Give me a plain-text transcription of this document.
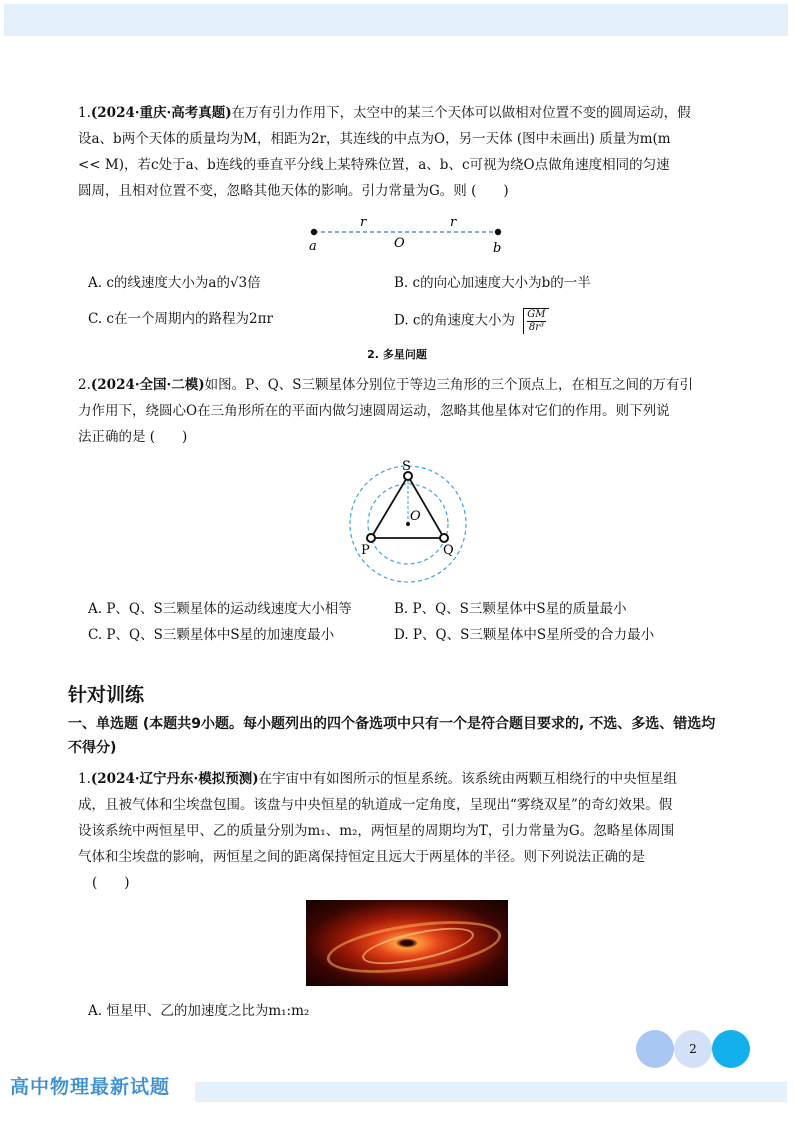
1.(2024·重庆·高考真题)在万有引力作用下，太空中的某三个天体可以做相对位置不变的圆周运动，假
设a、b两个天体的质量均为M，相距为2r，其连线的中点为O，另一天体 (图中未画出) 质量为m(m
<< M)，若c处于a、b连线的垂直平分线上某特殊位置，a、b、c可视为绕O点做角速度相同的匀速
圆周，且相对位置不变，忽略其他天体的影响。引力常量为G。则 (　　)
r	r
a	O	b
A. c的线速度大小为a的√3倍	B. c的向心加速度大小为b的一半
C. c在一个周期内的路程为2πr	D. c的角速度大小为 $\frac{GM}{\text{8r³}}$
2. 多星问题
2.(2024·全国·二模)如图。P、Q、S三颗星体分别位于等边三角形的三个顶点上，在相互之间的万有引
力作用下，绕圆心O在三角形所在的平面内做匀速圆周运动，忽略其他星体对它们的作用。则下列说
法正确的是 (　　)
S
O
P	Q
A. P、Q、S三颗星体的运动线速度大小相等	B. P、Q、S三颗星体中S星的质量最小
C. P、Q、S三颗星体中S星的加速度最小	D. P、Q、S三颗星体中S星所受的合力最小
针对训练
一、单选题 (本题共9小题。每小题列出的四个备选项中只有一个是符合题目要求的, 不选、多选、错选均不得分)
1.(2024·辽宁丹东·模拟预测)在宇宙中有如图所示的恒星系统。该系统由两颗互相绕行的中央恒星组
成，且被气体和尘埃盘包围。该盘与中央恒星的轨道成一定角度，呈现出“雾绕双星”的奇幻效果。假
设该系统中两恒星甲、乙的质量分别为m₁、m₂，两恒星的周期均为T，引力常量为G。忽略星体周围
气体和尘埃盘的影响，两恒星之间的距离保持恒定且远大于两星体的半径。则下列说法正确的是
(　　)
A. 恒星甲、乙的加速度之比为m₁:m₂
2
高中物理最新试题
